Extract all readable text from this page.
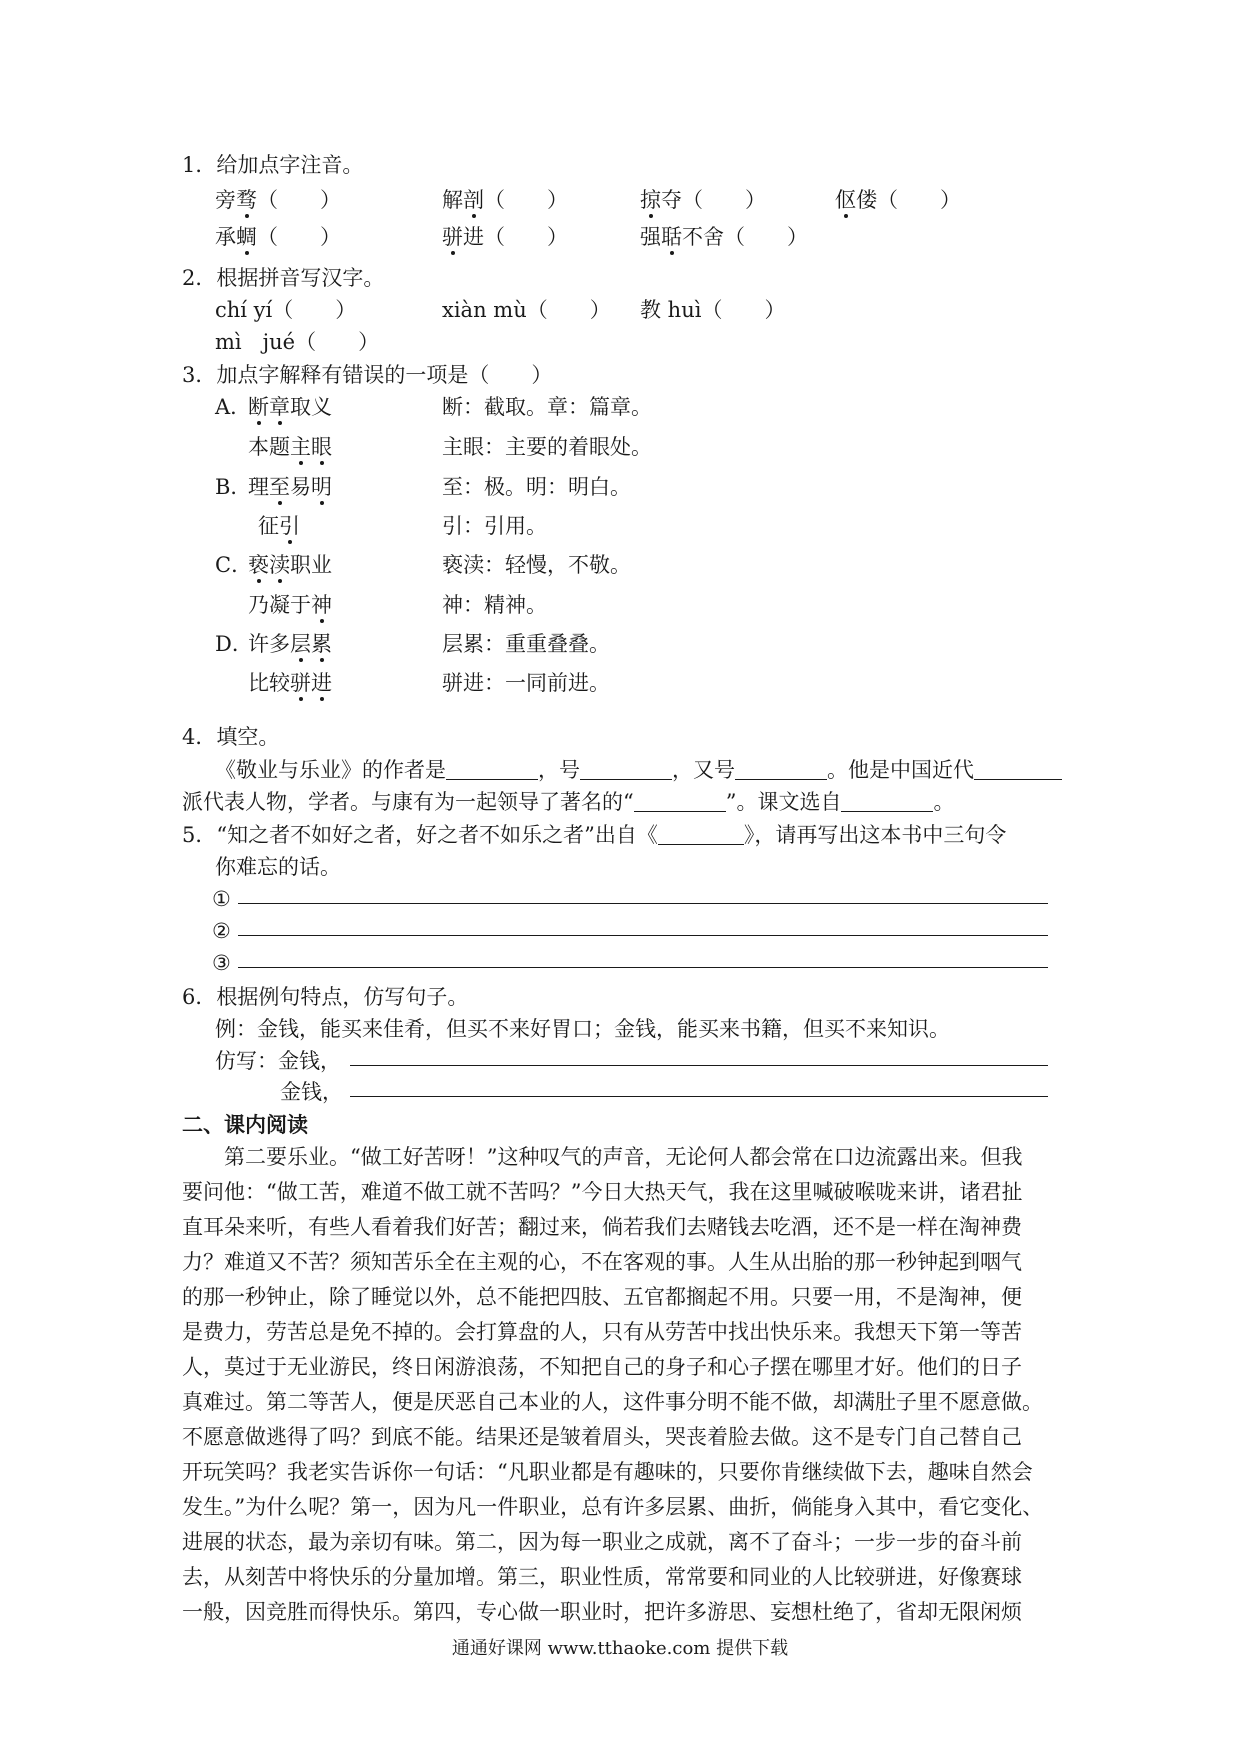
1．给加点字注音。
旁骛（　　）	解剖（　　）	掠夺（　　）	伛偻（　　）
承蜩（　　）	骈进（　　）	强聒不舍（　　）
2．根据拼音写汉字。
chí yí（　　）	xiàn mù（　　） 教 huì（　　）
mì　jué（　　）
3．加点字解释有错误的一项是（　　）
A．
断章取义	断：截取。章：篇章。
本题主眼	主眼：主要的着眼处。
B．
理至易明	至：极。明：明白。
征引	引：引用。
C．
亵渎职业	亵渎：轻慢，不敬。
乃凝于神	神：精神。
D．
许多层累	层累：重重叠叠。
比较骈进	骈进：一同前进。
4．填空。
《敬业与乐业》的作者是	，号	，又号	。他是中国近代
派代表人物，学者。与康有为一起领导了著名的“	”。课文选自	。
5．“知之者不如好之者，好之者不如乐之者”出自《	》，请再写出这本书中三句令
你难忘的话。
①
②
③
6．根据例句特点，仿写句子。
例：金钱，能买来佳肴，但买不来好胃口；金钱，能买来书籍，但买不来知识。
仿写：金钱，
金钱，
二、课内阅读
　　第二要乐业。“做工好苦呀！”这种叹气的声音，无论何人都会常在口边流露出来。但我
要问他：“做工苦，难道不做工就不苦吗？”今日大热天气，我在这里喊破喉咙来讲，诸君扯
直耳朵来听，有些人看着我们好苦；翻过来，倘若我们去赌钱去吃酒，还不是一样在淘神费
力？难道又不苦？须知苦乐全在主观的心，不在客观的事。人生从出胎的那一秒钟起到咽气
的那一秒钟止，除了睡觉以外，总不能把四肢、五官都搁起不用。只要一用，不是淘神，便
是费力，劳苦总是免不掉的。会打算盘的人，只有从劳苦中找出快乐来。我想天下第一等苦
人，莫过于无业游民，终日闲游浪荡，不知把自己的身子和心子摆在哪里才好。他们的日子
真难过。第二等苦人，便是厌恶自己本业的人，这件事分明不能不做，却满肚子里不愿意做。
不愿意做逃得了吗？到底不能。结果还是皱着眉头，哭丧着脸去做。这不是专门自己替自己
开玩笑吗？我老实告诉你一句话：“凡职业都是有趣味的，只要你肯继续做下去，趣味自然会
发生。”为什么呢？第一，因为凡一件职业，总有许多层累、曲折，倘能身入其中，看它变化、
进展的状态，最为亲切有味。第二，因为每一职业之成就，离不了奋斗；一步一步的奋斗前
去，从刻苦中将快乐的分量加增。第三，职业性质，常常要和同业的人比较骈进，好像赛球
一般，因竞胜而得快乐。第四，专心做一职业时，把许多游思、妄想杜绝了，省却无限闲烦
通通好课网 www.tthaoke.com 提供下载
